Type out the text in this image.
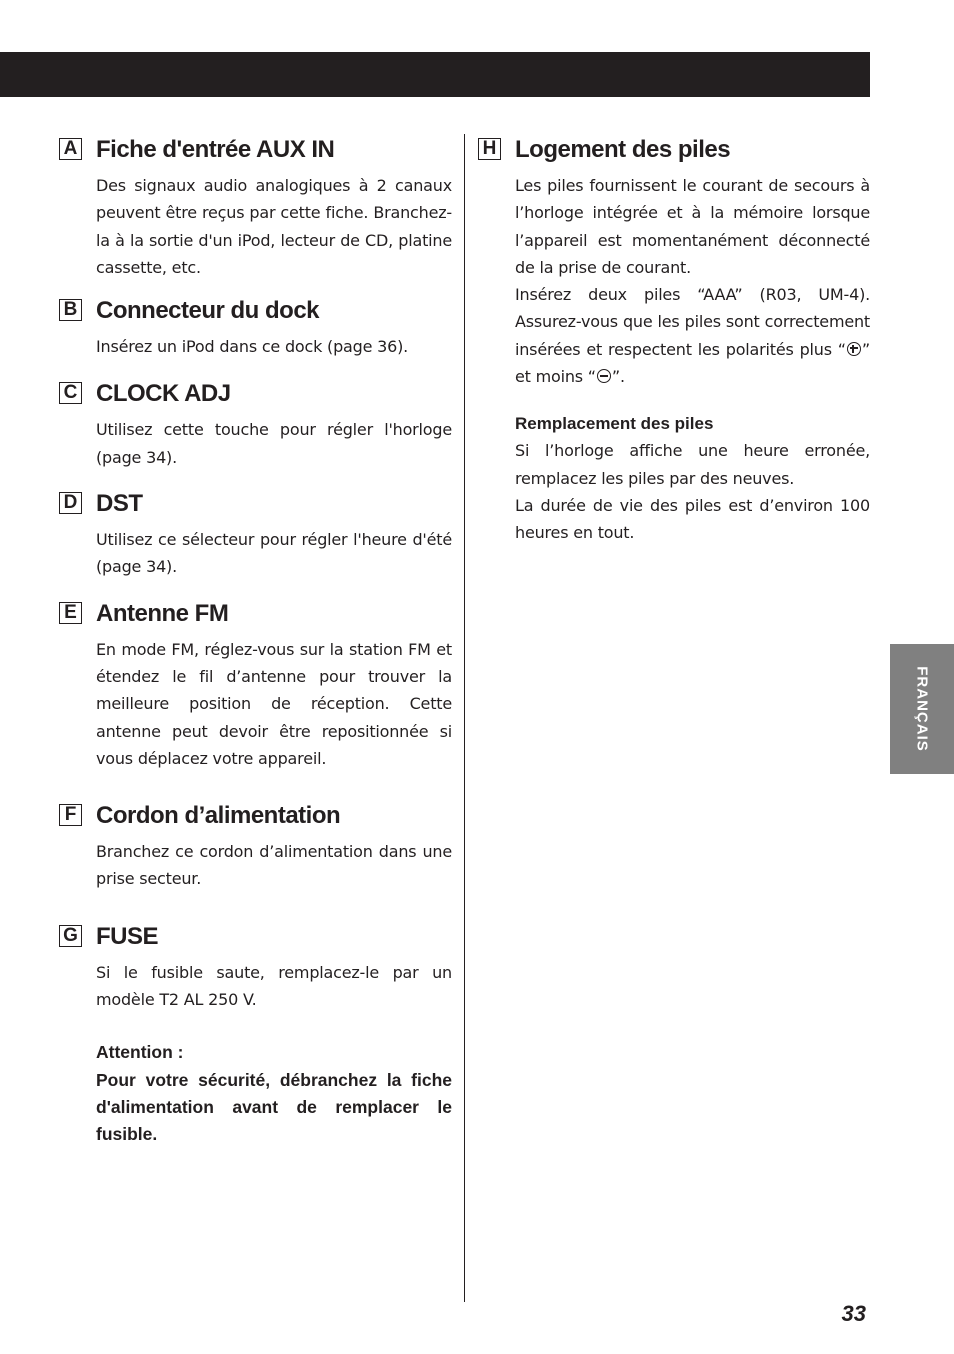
A Fiche d'entrée AUX IN

Des signaux audio analogiques à 2 canaux peuvent être reçus par cette fiche. Branchez-la à la sortie d'un iPod, lecteur de CD, platine cassette, etc.

B Connecteur du dock

Insérez un iPod dans ce dock (page 36).

C CLOCK ADJ

Utilisez cette touche pour régler l'horloge (page 34).

D DST

Utilisez ce sélecteur pour régler l'heure d'été (page 34).

E Antenne FM

En mode FM, réglez-vous sur la station FM et étendez le fil d’antenne pour trouver la meilleure position de réception. Cette antenne peut devoir être repositionnée si vous déplacez votre appareil.

F Cordon d’alimentation

Branchez ce cordon d’alimentation dans une prise secteur.

G FUSE

Si le fusible saute, remplacez-le par un modèle T2 AL 250 V.

Attention :

Pour votre sécurité, débranchez la fiche d'alimentation avant de remplacer le fusible.

H Logement des piles

Les piles fournissent le courant de secours à l’horloge intégrée et à la mémoire lorsque l’appareil est momentanément déconnecté de la prise de courant.

Insérez deux piles “AAA” (R03, UM-4). Assurez-vous que les piles sont correctement insérées et respectent les polarités plus “ ” et moins “ ”.

Remplacement des piles

Si l’horloge affiche une heure erronée, remplacez les piles par des neuves.

La durée de vie des piles est d’environ 100 heures en tout.

FRANÇAIS
33
